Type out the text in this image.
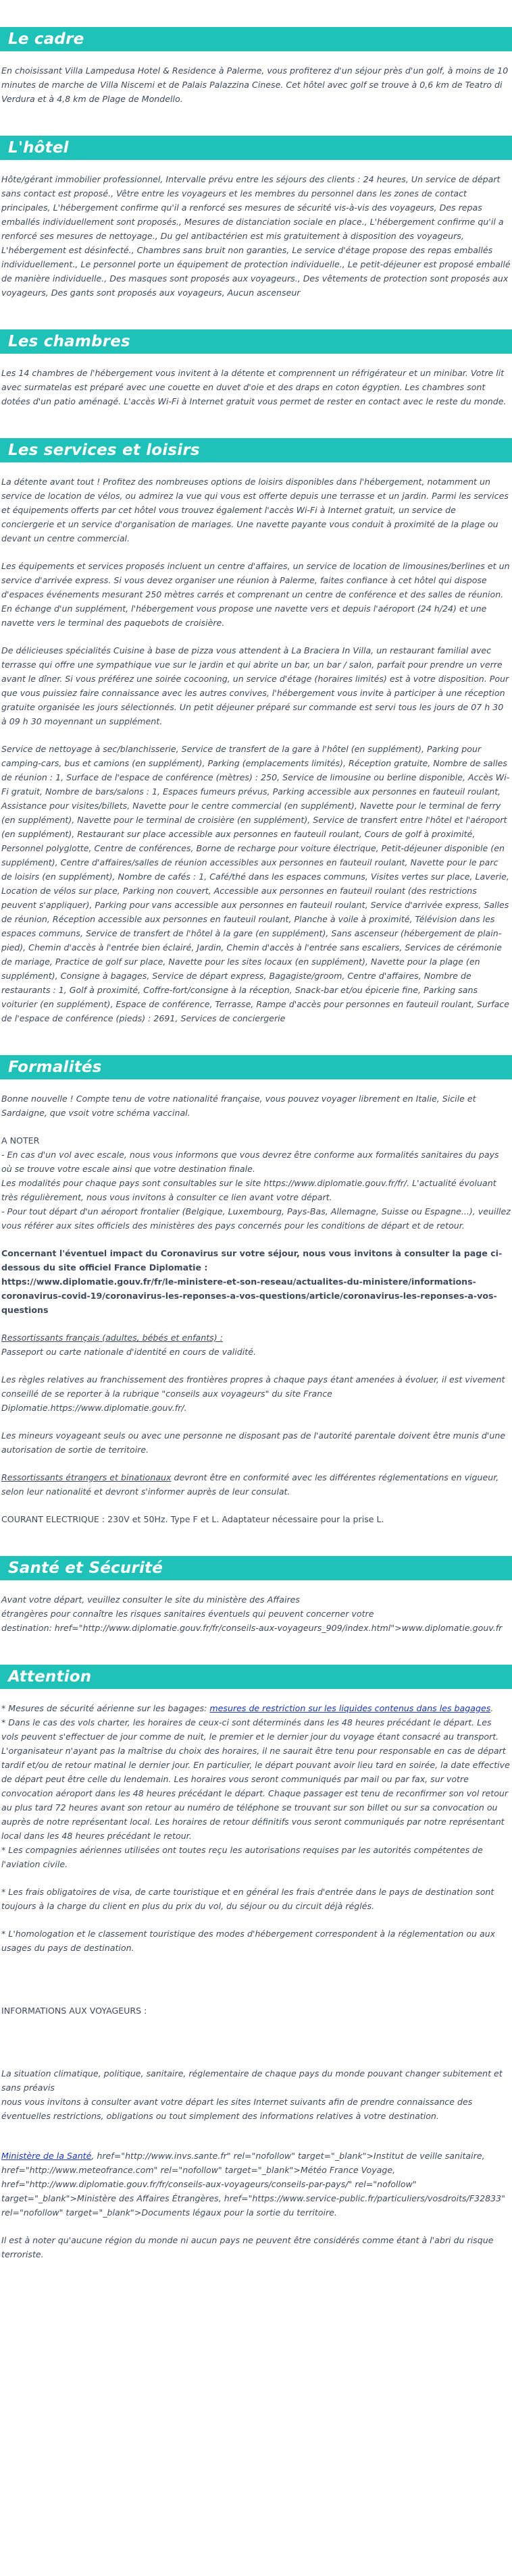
Le cadre

En choisissant Villa Lampedusa Hotel & Residence à Palerme, vous profiterez d'un séjour près d'un golf, à moins de 10 minutes de marche de Villa Niscemi et de Palais Palazzina Cinese. Cet hôtel avec golf se trouve à 0,6 km de Teatro di Verdura et à 4,8 km de Plage de Mondello.

L'hôtel

Hôte/gérant immobilier professionnel, Intervalle prévu entre les séjours des clients : 24 heures, Un service de départ sans contact est proposé., Vêtre entre les voyageurs et les membres du personnel dans les zones de contact principales, L'hébergement confirme qu'il a renforcé ses mesures de sécurité vis-à-vis des voyageurs, Des repas emballés individuellement sont proposés., Mesures de distanciation sociale en place., L'hébergement confirme qu'il a renforcé ses mesures de nettoyage., Du gel antibactérien est mis gratuitement à disposition des voyageurs, L'hébergement est désinfecté., Chambres sans bruit non garanties, Le service d'étage propose des repas emballés individuellement., Le personnel porte un équipement de protection individuelle., Le petit-déjeuner est proposé emballé de manière individuelle., Des masques sont proposés aux voyageurs., Des vêtements de protection sont proposés aux voyageurs, Des gants sont proposés aux voyageurs, Aucun ascenseur

Les chambres

Les 14 chambres de l'hébergement vous invitent à la détente et comprennent un réfrigérateur et un minibar. Votre lit avec surmatelas est préparé avec une couette en duvet d'oie et des draps en coton égyptien. Les chambres sont dotées d'un patio aménagé. L'accès Wi-Fi à Internet gratuit vous permet de rester en contact avec le reste du monde.

Les services et loisirs

La détente avant tout ! Profitez des nombreuses options de loisirs disponibles dans l'hébergement, notamment un service de location de vélos, ou admirez la vue qui vous est offerte depuis une terrasse et un jardin. Parmi les services et équipements offerts par cet hôtel vous trouvez également l'accès Wi-Fi à Internet gratuit, un service de conciergerie et un service d'organisation de mariages. Une navette payante vous conduit à proximité de la plage ou devant un centre commercial.

Les équipements et services proposés incluent un centre d'affaires, un service de location de limousines/berlines et un service d'arrivée express. Si vous devez organiser une réunion à Palerme, faites confiance à cet hôtel qui dispose d'espaces événements mesurant 250 mètres carrés et comprenant un centre de conférence et des salles de réunion. En échange d'un supplément, l'hébergement vous propose une navette vers et depuis l'aéroport (24 h/24) et une navette vers le terminal des paquebots de croisière.

De délicieuses spécialités Cuisine à base de pizza vous attendent à La Braciera In Villa, un restaurant familial avec terrasse qui offre une sympathique vue sur le jardin et qui abrite un bar, un bar / salon, parfait pour prendre un verre avant le dîner. Si vous préférez une soirée cocooning, un service d'étage (horaires limités) est à votre disposition. Pour que vous puissiez faire connaissance avec les autres convives, l'hébergement vous invite à participer à une réception gratuite organisée les jours sélectionnés. Un petit déjeuner préparé sur commande est servi tous les jours de 07 h 30 à 09 h 30 moyennant un supplément.

Service de nettoyage à sec/blanchisserie, Service de transfert de la gare à l'hôtel (en supplément), Parking pour camping-cars, bus et camions (en supplément), Parking (emplacements limités), Réception gratuite, Nombre de salles de réunion : 1, Surface de l'espace de conférence (mètres) : 250, Service de limousine ou berline disponible, Accès Wi-Fi gratuit, Nombre de bars/salons : 1, Espaces fumeurs prévus, Parking accessible aux personnes en fauteuil roulant, Assistance pour visites/billets, Navette pour le centre commercial (en supplément), Navette pour le terminal de ferry (en supplément), Navette pour le terminal de croisière (en supplément), Service de transfert entre l'hôtel et l'aéroport (en supplément), Restaurant sur place accessible aux personnes en fauteuil roulant, Cours de golf à proximité, Personnel polyglotte, Centre de conférences, Borne de recharge pour voiture électrique, Petit-déjeuner disponible (en supplément), Centre d'affaires/salles de réunion accessibles aux personnes en fauteuil roulant, Navette pour le parc de loisirs (en supplément), Nombre de cafés : 1, Café/thé dans les espaces communs, Visites vertes sur place, Laverie, Location de vélos sur place, Parking non couvert, Accessible aux personnes en fauteuil roulant (des restrictions peuvent s'appliquer), Parking pour vans accessible aux personnes en fauteuil roulant, Service d'arrivée express, Salles de réunion, Réception accessible aux personnes en fauteuil roulant, Planche à voile à proximité, Télévision dans les espaces communs, Service de transfert de l'hôtel à la gare (en supplément), Sans ascenseur (hébergement de plain-pied), Chemin d'accès à l'entrée bien éclairé, Jardin, Chemin d'accès à l'entrée sans escaliers, Services de cérémonie de mariage, Practice de golf sur place, Navette pour les sites locaux (en supplément), Navette pour la plage (en supplément), Consigne à bagages, Service de départ express, Bagagiste/groom, Centre d'affaires, Nombre de restaurants : 1, Golf à proximité, Coffre-fort/consigne à la réception, Snack-bar et/ou épicerie fine, Parking sans voiturier (en supplément), Espace de conférence, Terrasse, Rampe d'accès pour personnes en fauteuil roulant, Surface de l'espace de conférence (pieds) : 2691, Services de conciergerie

Formalités

Bonne nouvelle ! Compte tenu de votre nationalité française, vous pouvez voyager librement en Italie, Sicile et Sardaigne, que vsoit votre schéma vaccinal.

A NOTER
- En cas d'un vol avec escale, nous vous informons que vous devrez être conforme aux formalités sanitaires du pays où se trouve votre escale ainsi que votre destination finale.
Les modalités pour chaque pays sont consultables sur le site https://www.diplomatie.gouv.fr/fr/. L'actualité évoluant très régulièrement, nous vous invitons à consulter ce lien avant votre départ.
- Pour tout départ d'un aéroport frontalier (Belgique, Luxembourg, Pays-Bas, Allemagne, Suisse ou Espagne...), veuillez vous référer aux sites officiels des ministères des pays concernés pour les conditions de départ et de retour.

Concernant l'éventuel impact du Coronavirus sur votre séjour, nous vous invitons à consulter la page ci-dessous du site officiel France Diplomatie :
https://www.diplomatie.gouv.fr/fr/le-ministere-et-son-reseau/actualites-du-ministere/informations-coronavirus-covid-19/coronavirus-les-reponses-a-vos-questions/article/coronavirus-les-reponses-a-vos-questions

Ressortissants français (adultes, bébés et enfants) :
Passeport ou carte nationale d'identité en cours de validité.

Les règles relatives au franchissement des frontières propres à chaque pays étant amenées à évoluer, il est vivement conseillé de se reporter à la rubrique "conseils aux voyageurs" du site France Diplomatie.https://www.diplomatie.gouv.fr/.

Les mineurs voyageant seuls ou avec une personne ne disposant pas de l'autorité parentale doivent être munis d'une autorisation de sortie de territoire.

Ressortissants étrangers et binationaux devront être en conformité avec les différentes réglementations en vigueur, selon leur nationalité et devront s'informer auprès de leur consulat.

COURANT ELECTRIQUE : 230V et 50Hz. Type F et L. Adaptateur nécessaire pour la prise L.

Santé et Sécurité

Avant votre départ, veuillez consulter le site du ministère des Affaires
étrangères pour connaître les risques sanitaires éventuels qui peuvent concerner votre
destination: href="http://www.diplomatie.gouv.fr/fr/conseils-aux-voyageurs_909/index.html">www.diplomatie.gouv.fr

Attention

* Mesures de sécurité aérienne sur les bagages: mesures de restriction sur les liquides contenus dans les bagages.
* Dans le cas des vols charter, les horaires de ceux-ci sont déterminés dans les 48 heures précédant le départ. Les vols peuvent s'effectuer de jour comme de nuit, le premier et le dernier jour du voyage étant consacré au transport. L'organisateur n'ayant pas la maîtrise du choix des horaires, il ne saurait être tenu pour responsable en cas de départ tardif et/ou de retour matinal le dernier jour. En particulier, le départ pouvant avoir lieu tard en soirée, la date effective de départ peut être celle du lendemain. Les horaires vous seront communiqués par mail ou par fax, sur votre convocation aéroport dans les 48 heures précédant le départ. Chaque passager est tenu de reconfirmer son vol retour au plus tard 72 heures avant son retour au numéro de téléphone se trouvant sur son billet ou sur sa convocation ou auprès de notre représentant local. Les horaires de retour définitifs vous seront communiqués par notre représentant local dans les 48 heures précédant le retour.
* Les compagnies aériennes utilisées ont toutes reçu les autorisations requises par les autorités compétentes de l'aviation civile.

* Les frais obligatoires de visa, de carte touristique et en général les frais d'entrée dans le pays de destination sont toujours à la charge du client en plus du prix du vol, du séjour ou du circuit déjà réglés.

* L'homologation et le classement touristique des modes d'hébergement correspondent à la réglementation ou aux usages du pays de destination.

INFORMATIONS AUX VOYAGEURS :

La situation climatique, politique, sanitaire, réglementaire de chaque pays du monde pouvant changer subitement et sans préavis
nous vous invitons à consulter avant votre départ les sites Internet suivants afin de prendre connaissance des éventuelles restrictions, obligations ou tout simplement des informations relatives à votre destination.

Ministère de la Santé, href="http://www.invs.sante.fr" rel="nofollow" target="_blank">Institut de veille sanitaire, href="http://www.meteofrance.com" rel="nofollow" target="_blank">Météo France Voyage, href="http://www.diplomatie.gouv.fr/fr/conseils-aux-voyageurs/conseils-par-pays/" rel="nofollow" target="_blank">Ministère des Affaires Étrangères, href="https://www.service-public.fr/particuliers/vosdroits/F32833" rel="nofollow" target="_blank">Documents légaux pour la sortie du territoire.

Il est à noter qu'aucune région du monde ni aucun pays ne peuvent être considérés comme étant à l'abri du risque terroriste.
